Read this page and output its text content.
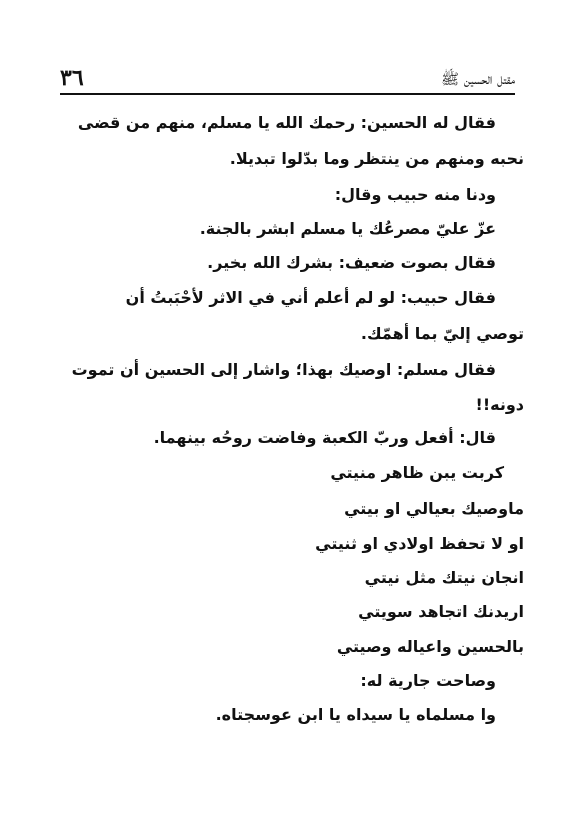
٣٦	مقتل الحسين ﷺ
فقال له الحسين: رحمك الله يا مسلم، منهم من قضى
نحبه ومنهم من ينتظر وما بدّلوا تبديلا.
ودنا منه حبيب وقال:
عزّ عليّ مصرعُك يا مسلم ابشر بالجنة.
فقال بصوت ضعيف: بشرك الله بخير.
فقال حبيب: لو لم أعلم أني في الاثر لأحْبَبتُ أن
توصي إليّ بما أهمّك.
فقال مسلم: اوصيك بهذا؛ واشار إلى الحسين أن تموت
دونه!!
قال: أفعل وربّ الكعبة وفاضت روحُه بينهما.
كربت يبن ظاهر منيتي
ماوصيك بعيالي او بيتي
او لا تحفظ اولادي او ثنيتي
انجان نيتك مثل نيتي
اريدنك اتجاهد سويتي
بالحسين واعياله وصيتي
وصاحت جارية له:
وا مسلماه يا سيداه يا ابن عوسجتاه.
